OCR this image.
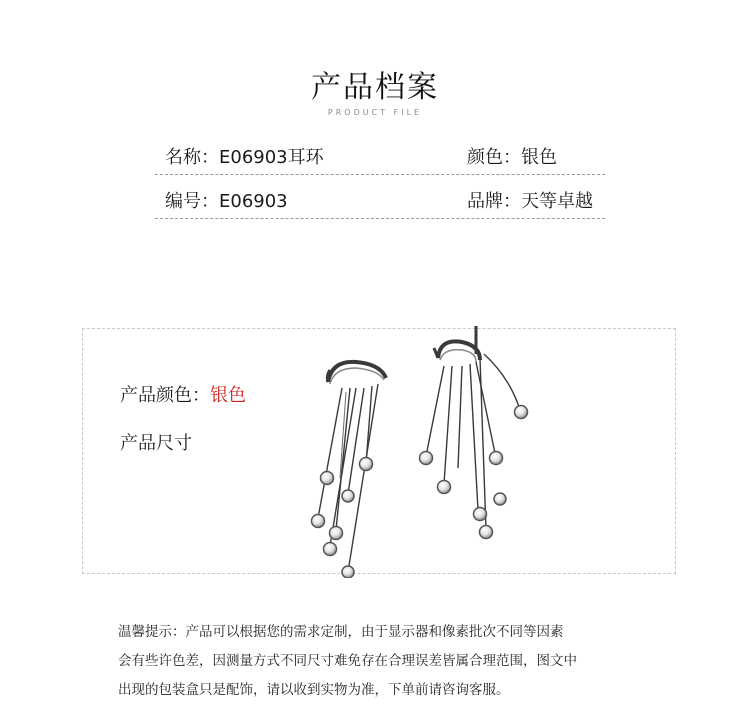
产品档案
PRODUCT FILE
名称：E06903耳环	颜色：银色
编号：E06903	品牌：天等卓越
产品颜色：银色
产品尺寸
温馨提示：产品可以根据您的需求定制，由于显示器和像素批次不同等因素
会有些许色差，因测量方式不同尺寸难免存在合理误差皆属合理范围，图文中
出现的包装盒只是配饰，请以收到实物为准，下单前请咨询客服。
